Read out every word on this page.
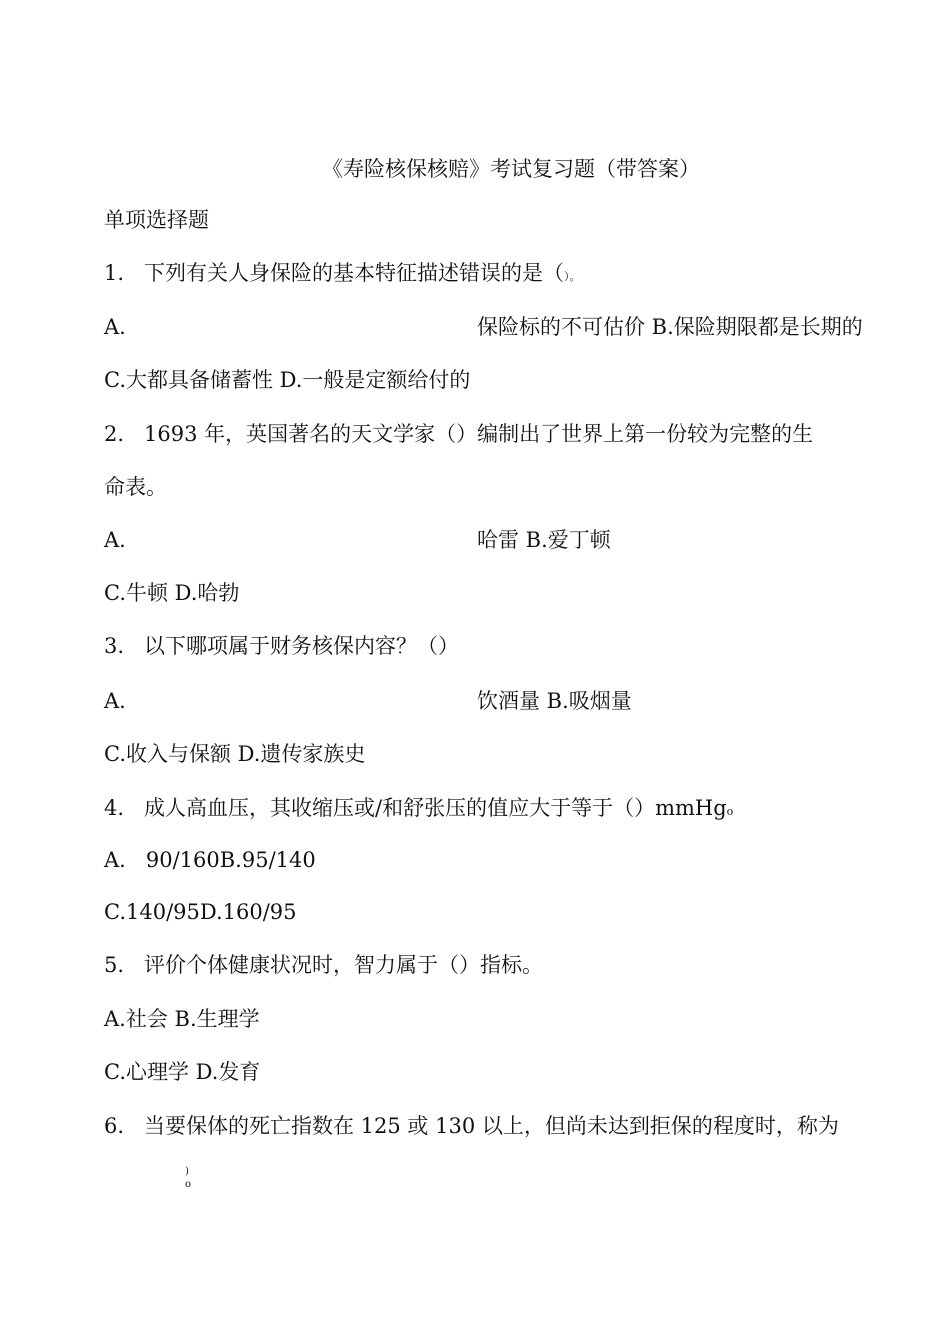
《寿险核保核赔》考试复习题（带答案）
单项选择题
1. 下列有关人身保险的基本特征描述错误的是（）。
A.	保险标的不可估价 B.保险期限都是长期的
C.大都具备储蓄性 D.一般是定额给付的
2. 1693 年，英国著名的天文学家（）编制出了世界上第一份较为完整的生
命表。
A.	哈雷 B.爱丁顿
C.牛顿 D.哈勃
3. 以下哪项属于财务核保内容？（）
A.	饮酒量 B.吸烟量
C.收入与保额 D.遗传家族史
4. 成人高血压，其收缩压或/和舒张压的值应大于等于（）mmHgo
A.   90/160B.95/140
C.140/95D.160/95
5. 评价个体健康状况时，智力属于（）指标。
A.社会 B.生理学
C.心理学 D.发育
6. 当要保体的死亡指数在 125 或 130 以上，但尚未达到拒保的程度时，称为
)
o
